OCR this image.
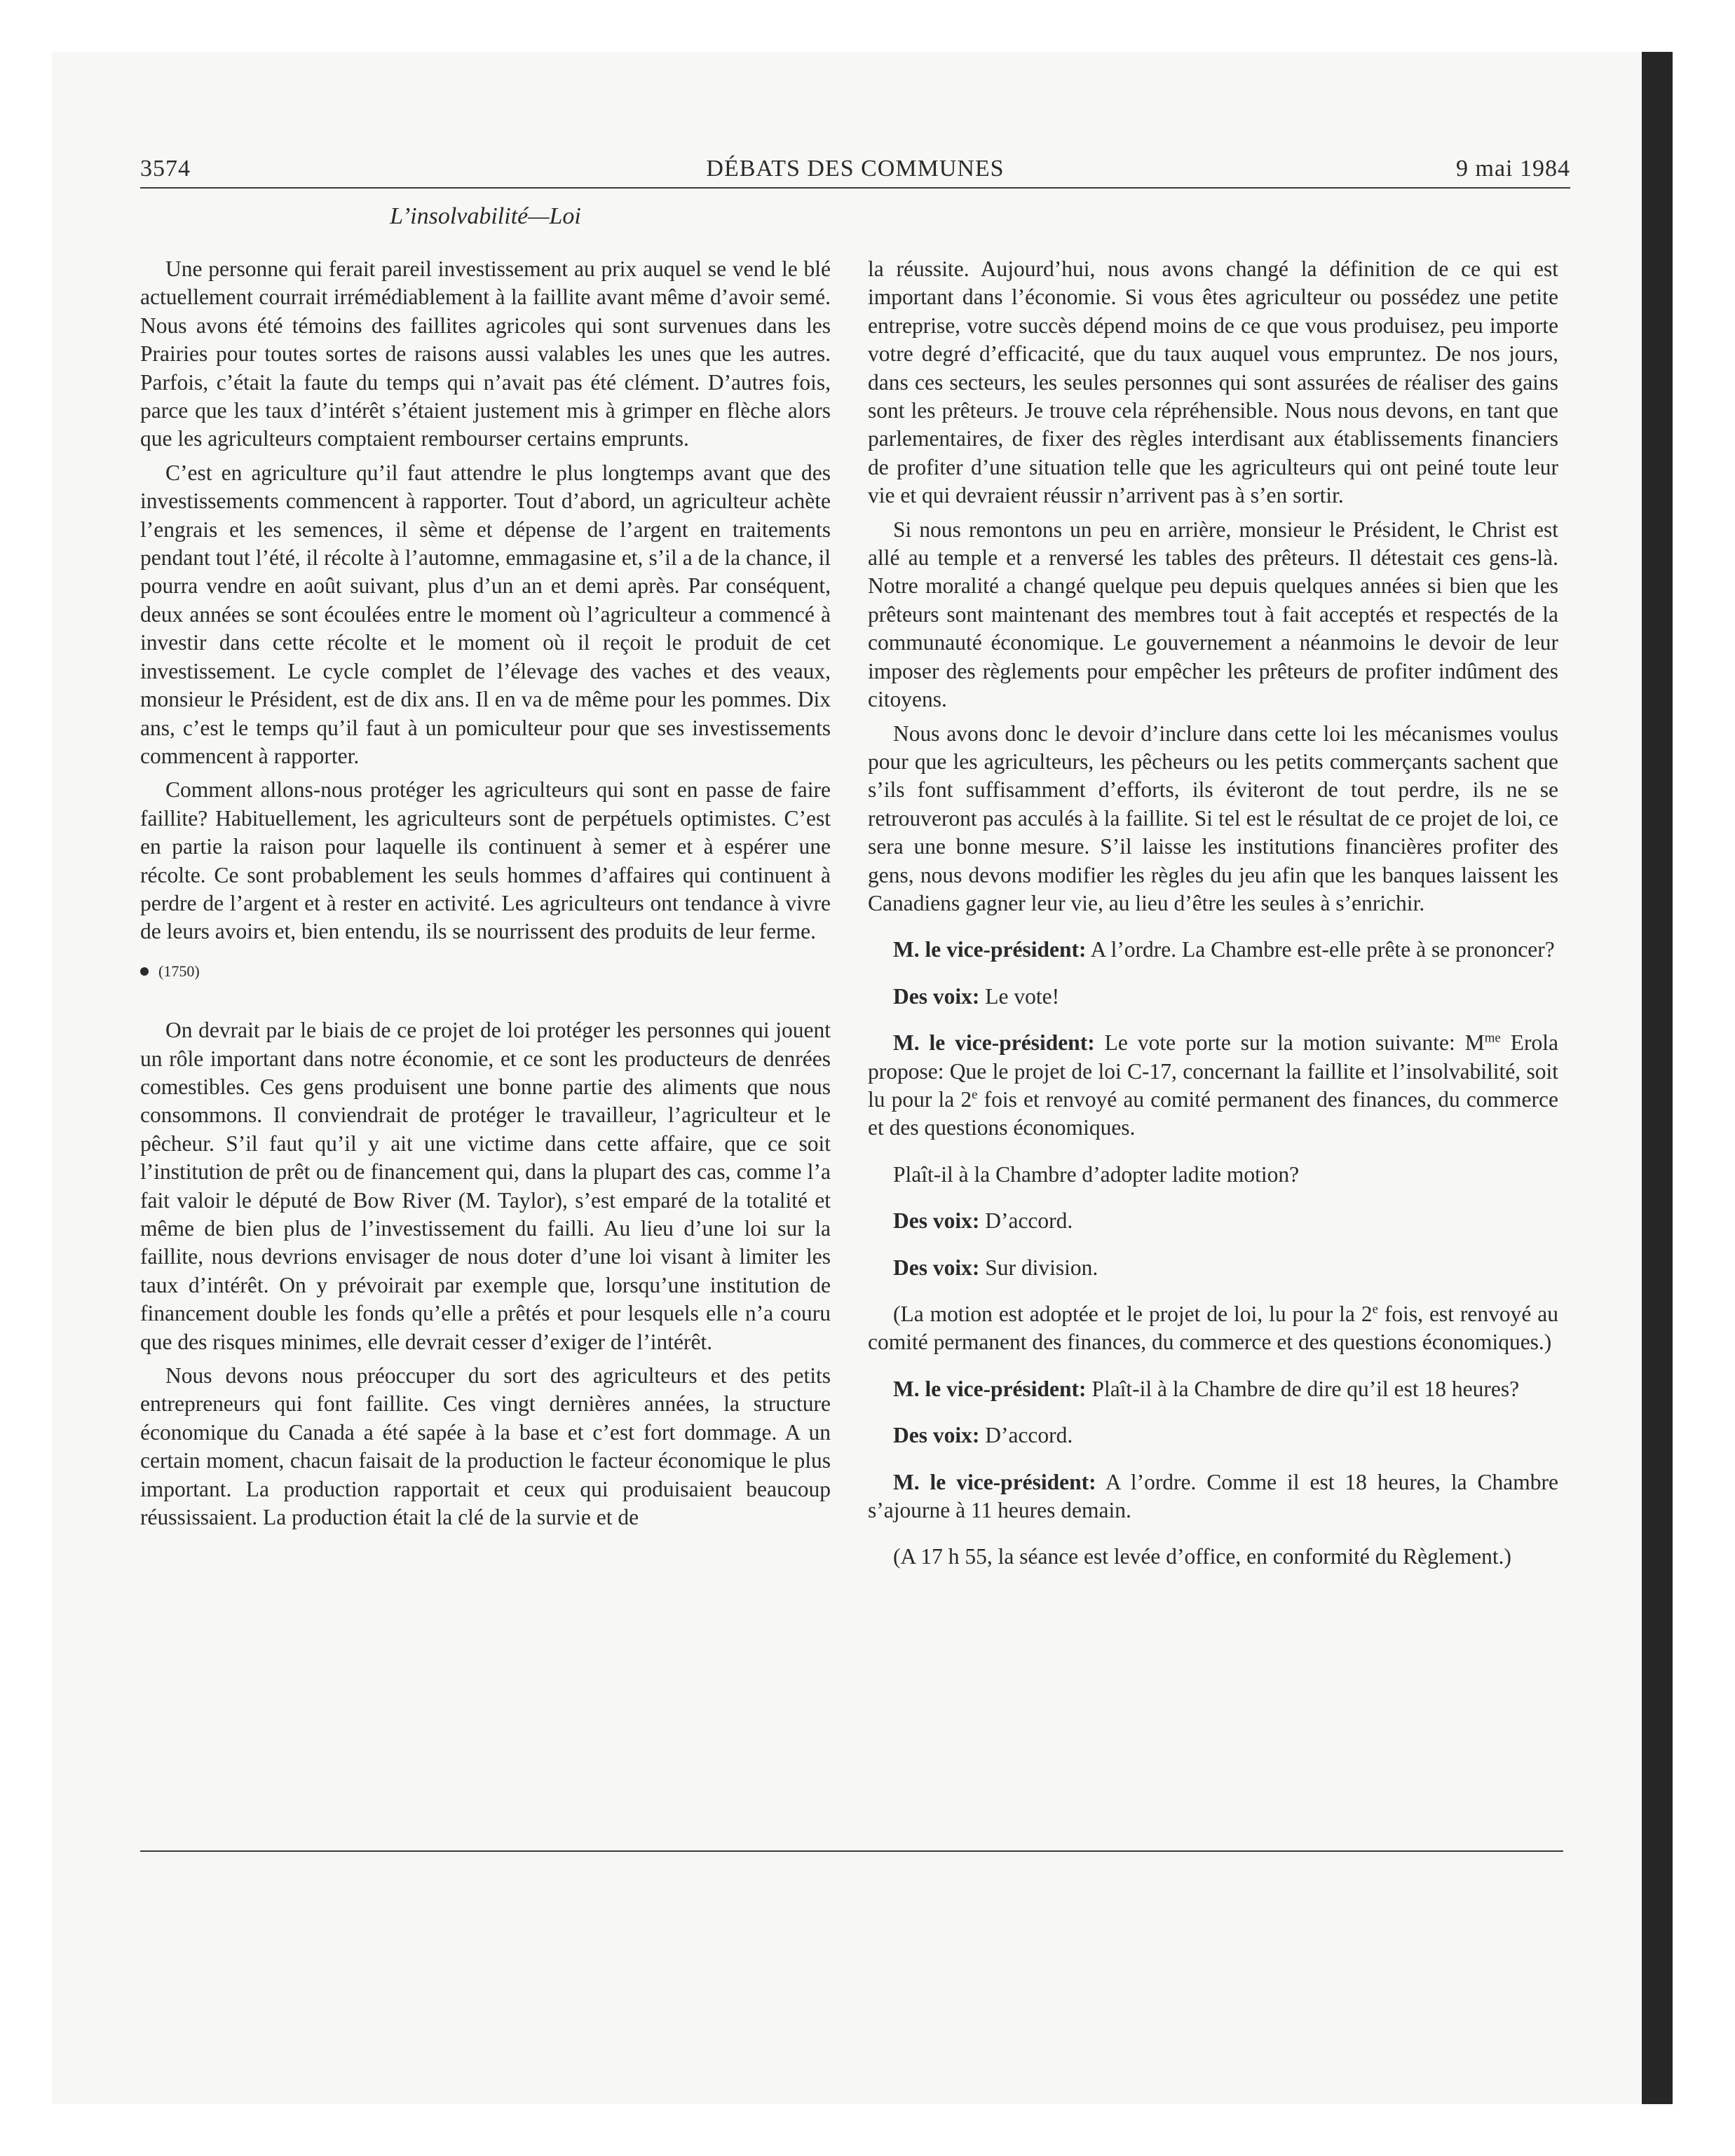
3574	DÉBATS DES COMMUNES	9 mai 1984
L’insolvabilité—Loi

Une personne qui ferait pareil investissement au prix auquel se vend le blé actuellement courrait irrémédiablement à la faillite avant même d’avoir semé. Nous avons été témoins des faillites agricoles qui sont survenues dans les Prairies pour toutes sortes de raisons aussi valables les unes que les autres. Parfois, c’était la faute du temps qui n’avait pas été clément. D’autres fois, parce que les taux d’intérêt s’étaient justement mis à grimper en flèche alors que les agriculteurs comptaient rembourser certains emprunts.

C’est en agriculture qu’il faut attendre le plus longtemps avant que des investissements commencent à rapporter. Tout d’abord, un agriculteur achète l’engrais et les semences, il sème et dépense de l’argent en traitements pendant tout l’été, il récolte à l’automne, emmagasine et, s’il a de la chance, il pourra vendre en août suivant, plus d’un an et demi après. Par conséquent, deux années se sont écoulées entre le moment où l’agriculteur a commencé à investir dans cette récolte et le moment où il reçoit le produit de cet investissement. Le cycle complet de l’élevage des vaches et des veaux, monsieur le Président, est de dix ans. Il en va de même pour les pommes. Dix ans, c’est le temps qu’il faut à un pomiculteur pour que ses investissements commencent à rapporter.

Comment allons-nous protéger les agriculteurs qui sont en passe de faire faillite? Habituellement, les agriculteurs sont de perpétuels optimistes. C’est en partie la raison pour laquelle ils continuent à semer et à espérer une récolte. Ce sont probablement les seuls hommes d’affaires qui continuent à perdre de l’argent et à rester en activité. Les agriculteurs ont tendance à vivre de leurs avoirs et, bien entendu, ils se nourrissent des produits de leur ferme.

(1750)

On devrait par le biais de ce projet de loi protéger les personnes qui jouent un rôle important dans notre économie, et ce sont les producteurs de denrées comestibles. Ces gens produisent une bonne partie des aliments que nous consommons. Il conviendrait de protéger le travailleur, l’agriculteur et le pêcheur. S’il faut qu’il y ait une victime dans cette affaire, que ce soit l’institution de prêt ou de financement qui, dans la plupart des cas, comme l’a fait valoir le député de Bow River (M. Taylor), s’est emparé de la totalité et même de bien plus de l’investissement du failli. Au lieu d’une loi sur la faillite, nous devrions envisager de nous doter d’une loi visant à limiter les taux d’intérêt. On y prévoirait par exemple que, lorsqu’une institution de financement double les fonds qu’elle a prêtés et pour lesquels elle n’a couru que des risques minimes, elle devrait cesser d’exiger de l’intérêt.

Nous devons nous préoccuper du sort des agriculteurs et des petits entrepreneurs qui font faillite. Ces vingt dernières années, la structure économique du Canada a été sapée à la base et c’est fort dommage. A un certain moment, chacun faisait de la production le facteur économique le plus important. La production rapportait et ceux qui produisaient beaucoup réussissaient. La production était la clé de la survie et de

la réussite. Aujourd’hui, nous avons changé la définition de ce qui est important dans l’économie. Si vous êtes agriculteur ou possédez une petite entreprise, votre succès dépend moins de ce que vous produisez, peu importe votre degré d’efficacité, que du taux auquel vous empruntez. De nos jours, dans ces secteurs, les seules personnes qui sont assurées de réaliser des gains sont les prêteurs. Je trouve cela répréhensible. Nous nous devons, en tant que parlementaires, de fixer des règles interdisant aux établissements financiers de profiter d’une situation telle que les agriculteurs qui ont peiné toute leur vie et qui devraient réussir n’arrivent pas à s’en sortir.

Si nous remontons un peu en arrière, monsieur le Président, le Christ est allé au temple et a renversé les tables des prêteurs. Il détestait ces gens-là. Notre moralité a changé quelque peu depuis quelques années si bien que les prêteurs sont maintenant des membres tout à fait acceptés et respectés de la communauté économique. Le gouvernement a néanmoins le devoir de leur imposer des règlements pour empêcher les prêteurs de profiter indûment des citoyens.

Nous avons donc le devoir d’inclure dans cette loi les mécanismes voulus pour que les agriculteurs, les pêcheurs ou les petits commerçants sachent que s’ils font suffisamment d’efforts, ils éviteront de tout perdre, ils ne se retrouveront pas acculés à la faillite. Si tel est le résultat de ce projet de loi, ce sera une bonne mesure. S’il laisse les institutions financières profiter des gens, nous devons modifier les règles du jeu afin que les banques laissent les Canadiens gagner leur vie, au lieu d’être les seules à s’enrichir.

M. le vice-président: A l’ordre. La Chambre est-elle prête à se prononcer?

Des voix: Le vote!

M. le vice-président: Le vote porte sur la motion suivante: $M^{me}$ Erola propose: Que le projet de loi C-17, concernant la faillite et l’insolvabilité, soit lu pour la 2e fois et renvoyé au comité permanent des finances, du commerce et des questions économiques.

Plaît-il à la Chambre d’adopter ladite motion?

Des voix: D’accord.

Des voix: Sur division.

(La motion est adoptée et le projet de loi, lu pour la 2e fois, est renvoyé au comité permanent des finances, du commerce et des questions économiques.)

M. le vice-président: Plaît-il à la Chambre de dire qu’il est 18 heures?

Des voix: D’accord.

M. le vice-président: A l’ordre. Comme il est 18 heures, la Chambre s’ajourne à 11 heures demain.

(A 17 h 55, la séance est levée d’office, en conformité du Règlement.)
